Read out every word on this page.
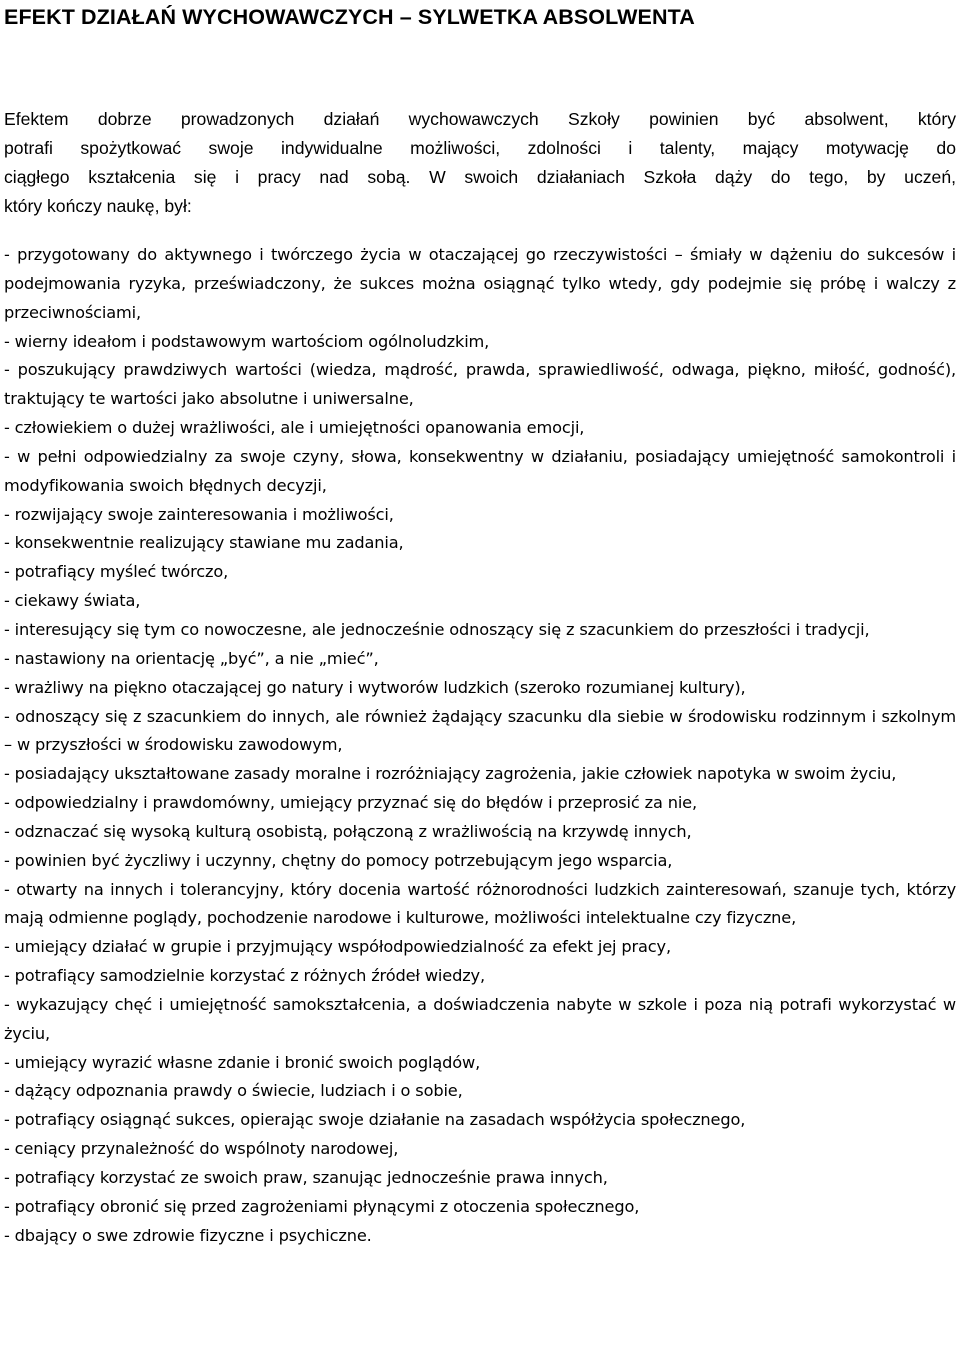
EFEKT DZIAŁAŃ WYCHOWAWCZYCH – SYLWETKA ABSOLWENTA

Efektem dobrze prowadzonych działań wychowawczych Szkoły powinien być absolwent, który
potrafi spożytkować swoje indywidualne możliwości, zdolności i talenty, mający motywację do
ciągłego kształcenia się i pracy nad sobą. W swoich działaniach Szkoła dąży do tego, by uczeń,
który kończy naukę, był:

- przygotowany do aktywnego i twórczego życia w otaczającej go rzeczywistości – śmiały w dążeniu do sukcesów i podejmowania ryzyka, przeświadczony, że sukces można osiągnąć tylko wtedy, gdy podejmie się próbę i walczy z przeciwnościami,
- wierny ideałom i podstawowym wartościom ogólnoludzkim,
- poszukujący prawdziwych wartości (wiedza, mądrość, prawda, sprawiedliwość, odwaga, piękno, miłość, godność), traktujący te wartości jako absolutne i uniwersalne,
- człowiekiem o dużej wrażliwości, ale i umiejętności opanowania emocji,
- w pełni odpowiedzialny za swoje czyny, słowa, konsekwentny w działaniu, posiadający umiejętność samokontroli i modyfikowania swoich błędnych decyzji,
- rozwijający swoje zainteresowania i możliwości,
- konsekwentnie realizujący stawiane mu zadania,
- potrafiący myśleć twórczo,
- ciekawy świata,
- interesujący się tym co nowoczesne, ale jednocześnie odnoszący się z szacunkiem do przeszłości i tradycji,
- nastawiony na orientację „być”, a nie „mieć”,
- wrażliwy na piękno otaczającej go natury i wytworów ludzkich (szeroko rozumianej kultury),
- odnoszący się z szacunkiem do innych, ale również żądający szacunku dla siebie w środowisku rodzinnym i szkolnym – w przyszłości w środowisku zawodowym,
- posiadający ukształtowane zasady moralne i rozróżniający zagrożenia, jakie człowiek napotyka w swoim życiu,
- odpowiedzialny i prawdomówny, umiejący przyznać się do błędów i przeprosić za nie,
- odznaczać się wysoką kulturą osobistą, połączoną z wrażliwością na krzywdę innych,
- powinien być życzliwy i uczynny, chętny do pomocy potrzebującym jego wsparcia,
- otwarty na innych i tolerancyjny, który docenia wartość różnorodności ludzkich zainteresowań, szanuje tych, którzy mają odmienne poglądy, pochodzenie narodowe i kulturowe, możliwości intelektualne czy fizyczne,
- umiejący działać w grupie i przyjmujący współodpowiedzialność za efekt jej pracy,
- potrafiący samodzielnie korzystać z różnych źródeł wiedzy,
- wykazujący chęć i umiejętność samokształcenia, a doświadczenia nabyte w szkole i poza nią potrafi wykorzystać w życiu,
- umiejący wyrazić własne zdanie i bronić swoich poglądów,
- dążący odpoznania prawdy o świecie, ludziach i o sobie,
- potrafiący osiągnąć sukces, opierając swoje działanie na zasadach współżycia społecznego,
- ceniący przynależność do wspólnoty narodowej,
- potrafiący korzystać ze swoich praw, szanując jednocześnie prawa innych,
- potrafiący obronić się przed zagrożeniami płynącymi z otoczenia społecznego,
- dbający o swe zdrowie fizyczne i psychiczne.
